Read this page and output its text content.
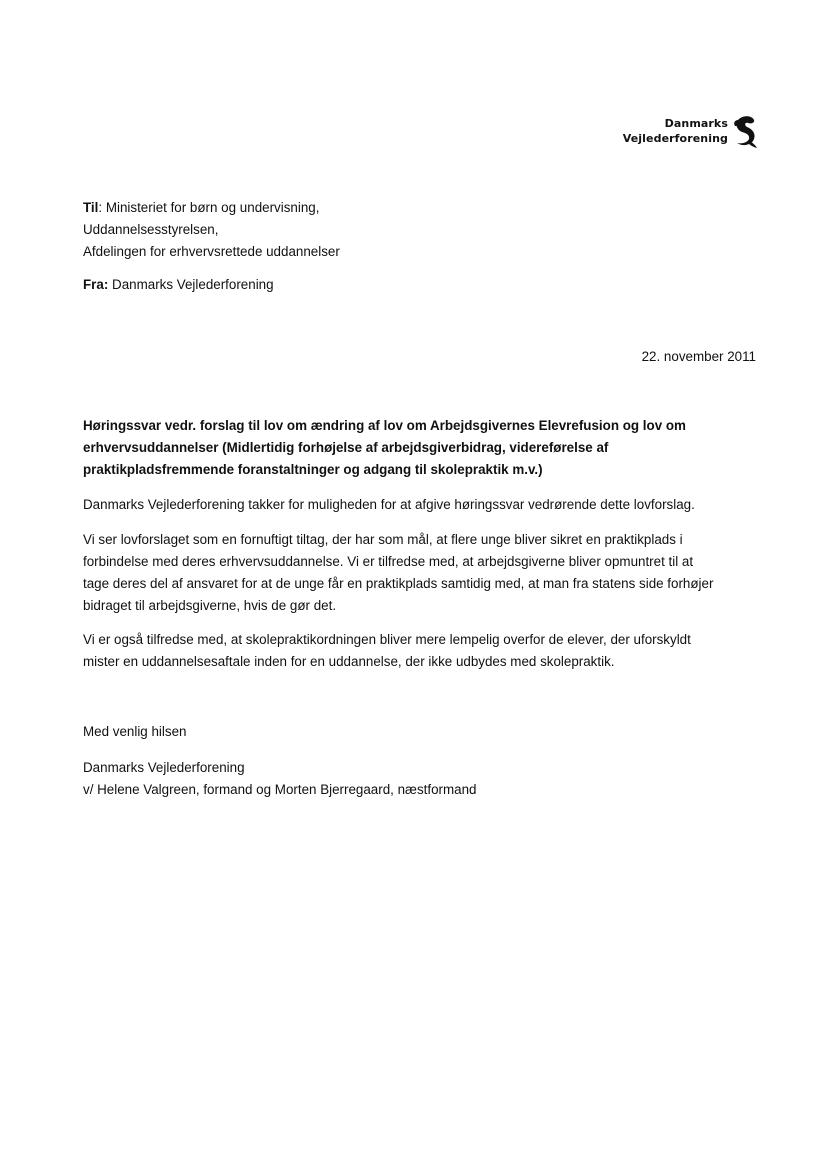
Danmarks
Vejlederforening
Til: Ministeriet for børn og undervisning,
Uddannelsesstyrelsen,
Afdelingen for erhvervsrettede uddannelser
Fra: Danmarks Vejlederforening
22. november 2011
Høringssvar vedr. forslag til lov om ændring af lov om Arbejdsgivernes Elevrefusion og lov om
erhvervsuddannelser (Midlertidig forhøjelse af arbejdsgiverbidrag, videreførelse af
praktikpladsfremmende foranstaltninger og adgang til skolepraktik m.v.)
Danmarks Vejlederforening takker for muligheden for at afgive høringssvar vedrørende dette lovforslag.
Vi ser lovforslaget som en fornuftigt tiltag, der har som mål, at flere unge bliver sikret en praktikplads i
forbindelse med deres erhvervsuddannelse. Vi er tilfredse med, at arbejdsgiverne bliver opmuntret til at
tage deres del af ansvaret for at de unge får en praktikplads samtidig med, at man fra statens side forhøjer
bidraget til arbejdsgiverne, hvis de gør det.
Vi er også tilfredse med, at skolepraktikordningen bliver mere lempelig overfor de elever, der uforskyldt
mister en uddannelsesaftale inden for en uddannelse, der ikke udbydes med skolepraktik.
Med venlig hilsen
Danmarks Vejlederforening
v/ Helene Valgreen, formand og Morten Bjerregaard, næstformand
